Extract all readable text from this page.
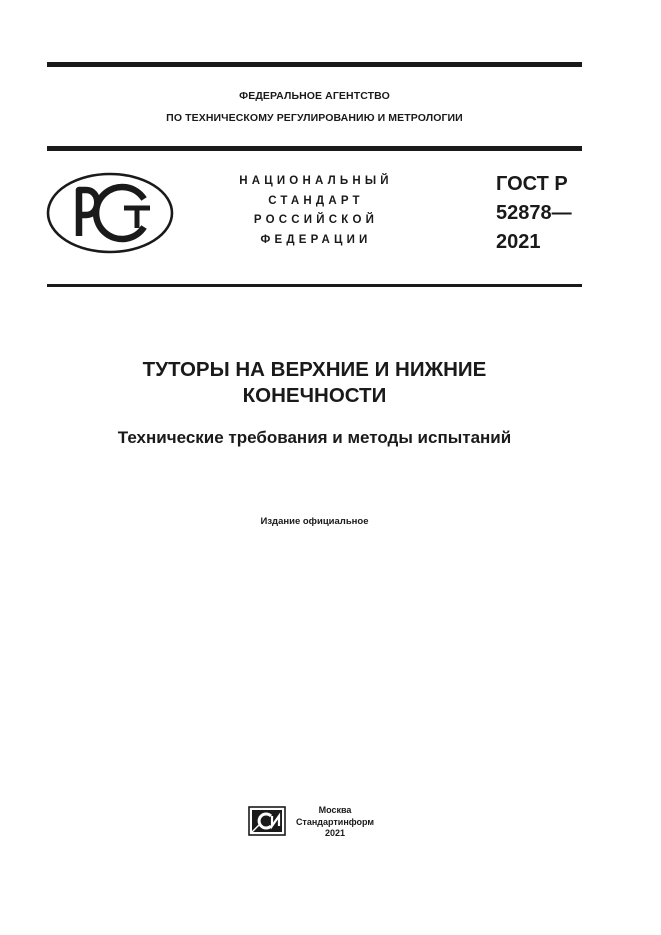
ФЕДЕРАЛЬНОЕ АГЕНТСТВО
ПО ТЕХНИЧЕСКОМУ РЕГУЛИРОВАНИЮ И МЕТРОЛОГИИ
НАЦИОНАЛЬНЫЙ
СТАНДАРТ
РОССИЙСКОЙ
ФЕДЕРАЦИИ
ГОСТ Р
52878—
2021
ТУТОРЫ НА ВЕРХНИЕ И НИЖНИЕ
КОНЕЧНОСТИ
Технические требования и методы испытаний
Издание официальное
Москва
Стандартинформ
2021
